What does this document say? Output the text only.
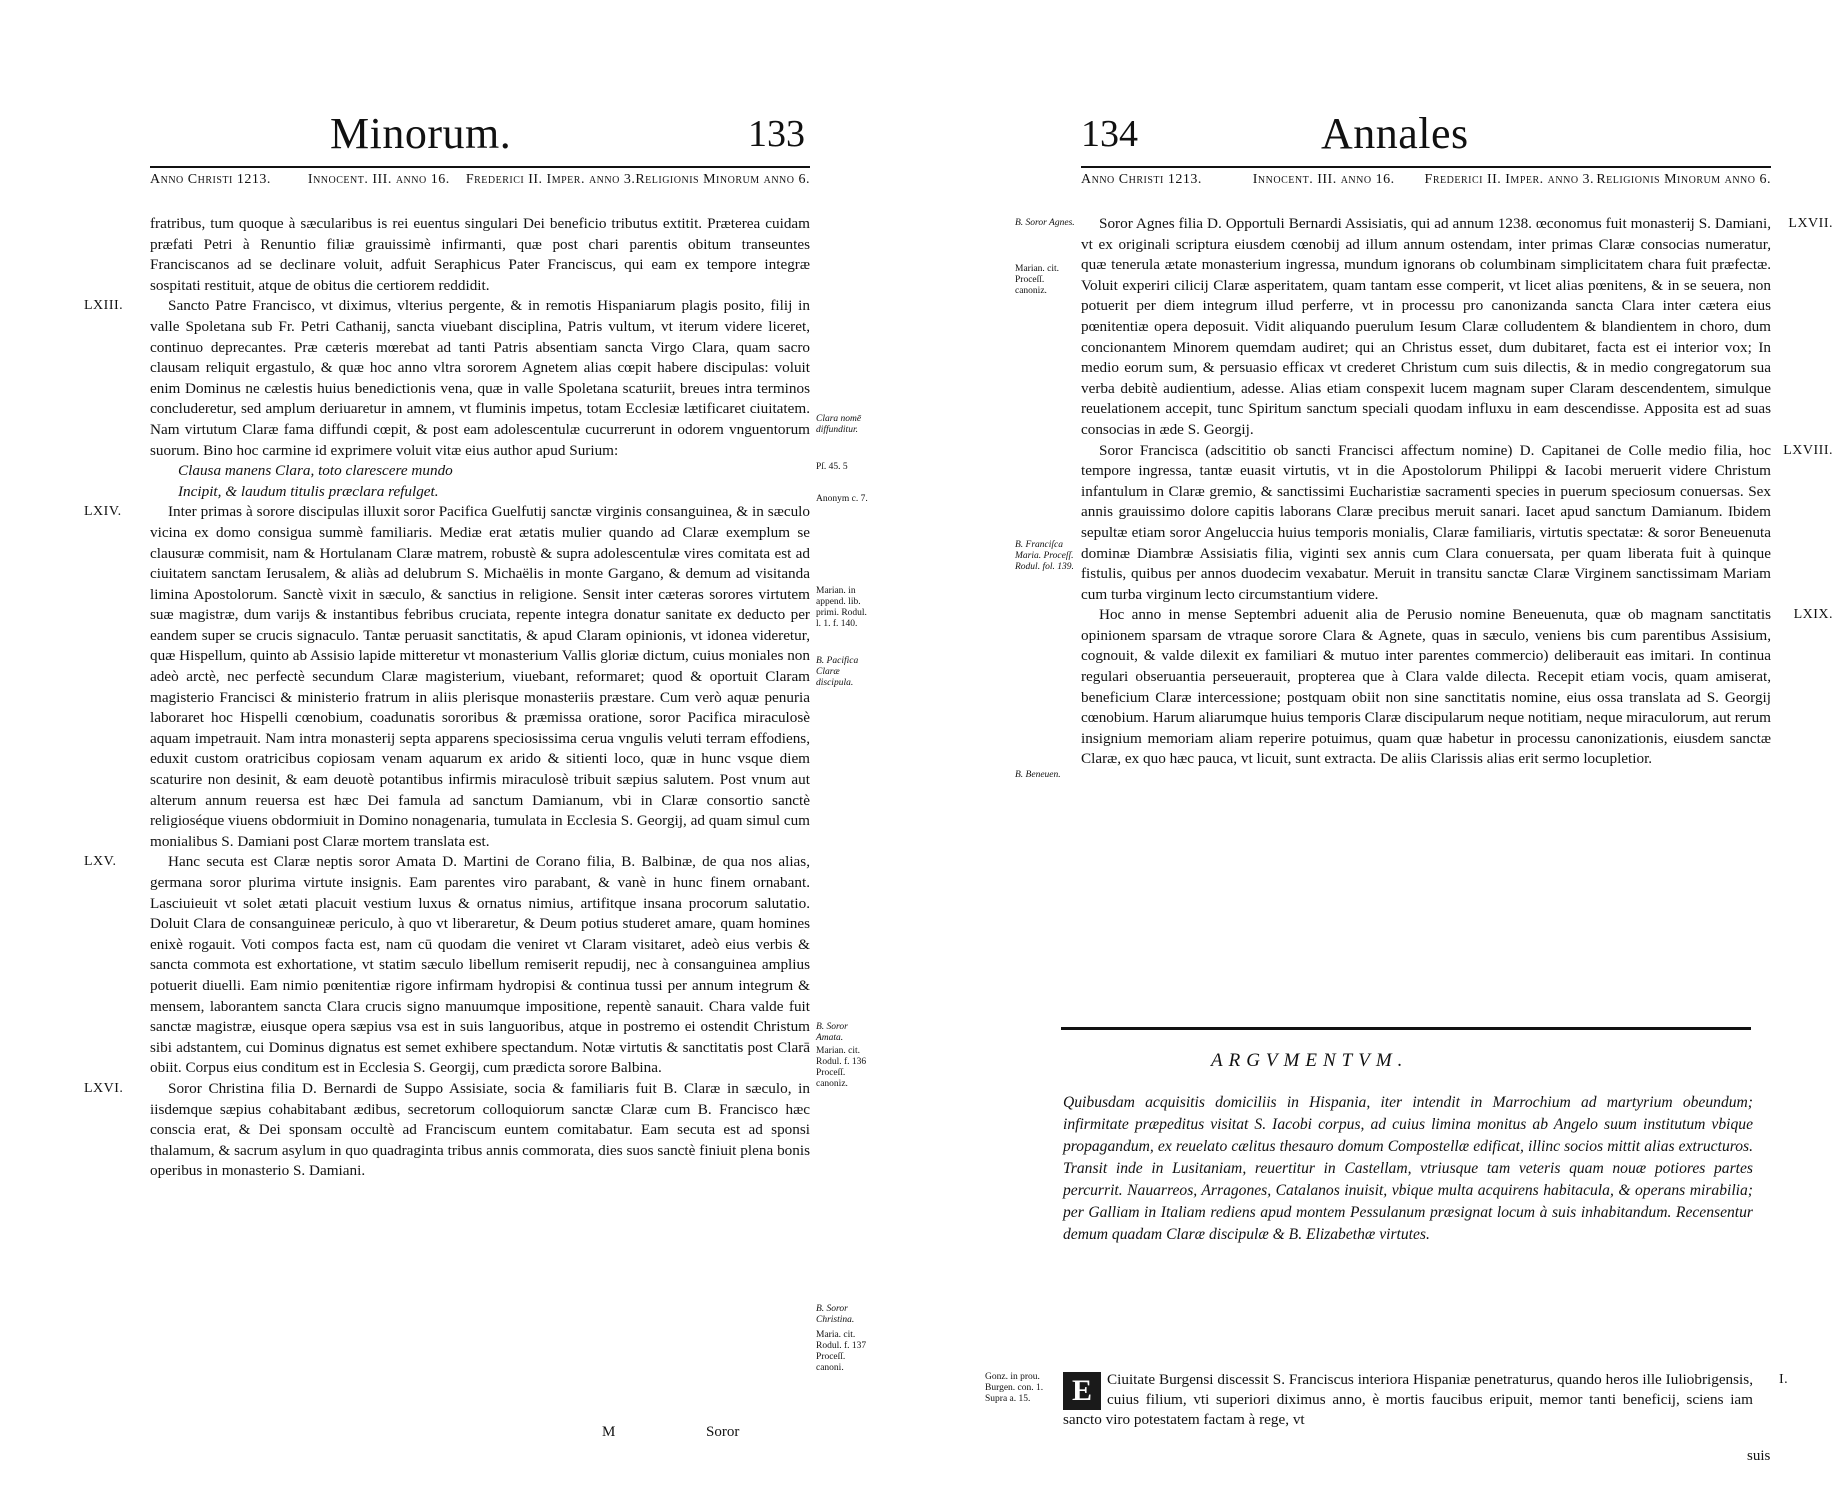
Minorum.	133
Anno Christi 1213.	Innocent. III. anno 16.	Frederici II. Imper. anno 3. Religionis Minorum anno 6.

fratribus, tum quoque à sæcularibus is rei euentus singulari Dei beneficio tributus extitit. Præterea cuidam præfati Petri à Renuntio filiæ grauissimè infirmanti, quæ post chari parentis obitum transeuntes Franciscanos ad se declinare voluit, adfuit Seraphicus Pater Franciscus, qui eam ex tempore integræ sospitati restituit, atque de obitus die certiorem reddidit.

LXIII.	Sancto Patre Francisco, vt diximus, vlterius pergente, & in remotis Hispaniarum plagis posito, filij in valle Spoletana sub Fr. Petri Cathanij, sancta viuebant disciplina, Patris vultum, vt iterum videre liceret, continuo deprecantes. Præ cæteris mœrebat ad tanti Patris absentiam sancta Virgo Clara, quam sacro clausam reliquit ergastulo, & quæ hoc anno vltra sororem Agnetem alias cœpit habere discipulas: voluit enim Dominus ne cælestis huius benedictionis vena, quæ in valle Spoletana scaturiit, breues intra terminos concluderetur, sed amplum deriuaretur in amnem, vt fluminis impetus, totam Ecclesiæ lætificaret ciuitatem. Nam virtutum Claræ fama diffundi cœpit, & post eam adolescentulæ cucurrerunt in odorem vnguentorum suorum. Bino hoc carmine id exprimere voluit vitæ eius author apud Surium:

Clausa manens Clara, toto clarescere mundo

Incipit, & laudum titulis præclara refulget.

LXIV.	Inter primas à sorore discipulas illuxit soror Pacifica Guelfutij sanctæ virginis consanguinea, & in sæculo vicina ex domo consigua summè familiaris. Mediæ erat ætatis mulier quando ad Claræ exemplum se clausuræ commisit, nam & Hortulanam Claræ matrem, robustè & supra adolescentulæ vires comitata est ad ciuitatem sanctam Ierusalem, & aliàs ad delubrum S. Michaëlis in monte Gargano, & demum ad visitanda limina Apostolorum. Sanctè vixit in sæculo, & sanctius in religione. Sensit inter cæteras sorores virtutem suæ magistræ, dum varijs & instantibus febribus cruciata, repente integra donatur sanitate ex deducto per eandem super se crucis signaculo. Tantæ peruasit sanctitatis, & apud Claram opinionis, vt idonea videretur, quæ Hispellum, quinto ab Assisio lapide mitteretur vt monasterium Vallis gloriæ dictum, cuius moniales non adeò arctè, nec perfectè secundum Claræ magisterium, viuebant, reformaret; quod & oportuit Claram magisterio Francisci & ministerio fratrum in aliis plerisque monasteriis præstare. Cum verò aquæ penuria laboraret hoc Hispelli cœnobium, coadunatis sororibus & præmissa oratione, soror Pacifica miraculosè aquam impetrauit. Nam intra monasterij septa apparens speciosissima cerua vngulis veluti terram effodiens, eduxit custom oratricibus copiosam venam aquarum ex arido & sitienti loco, quæ in hunc vsque diem scaturire non desinit, & eam deuotè potantibus infirmis miraculosè tribuit sæpius salutem. Post vnum aut alterum annum reuersa est hæc Dei famula ad sanctum Damianum, vbi in Claræ consortio sanctè religioséque viuens obdormiuit in Domino nonagenaria, tumulata in Ecclesia S. Georgij, ad quam simul cum monialibus S. Damiani post Claræ mortem translata est.

LXV.	Hanc secuta est Claræ neptis soror Amata D. Martini de Corano filia, B. Balbinæ, de qua nos alias, germana soror plurima virtute insignis. Eam parentes viro parabant, & vanè in hunc finem ornabant. Lasciuieuit vt solet ætati placuit vestium luxus & ornatus nimius, artifitque insana procorum salutatio. Doluit Clara de consanguineæ periculo, à quo vt liberaretur, & Deum potius studeret amare, quam homines enixè rogauit. Voti compos facta est, nam cū quodam die veniret vt Claram visitaret, adeò eius verbis & sancta commota est exhortatione, vt statim sæculo libellum remiserit repudij, nec à consanguinea amplius potuerit diuelli. Eam nimio pœnitentiæ rigore infirmam hydropisi & continua tussi per annum integrum & mensem, laborantem sancta Clara crucis signo manuumque impositione, repentè sanauit. Chara valde fuit sanctæ magistræ, eiusque opera sæpius vsa est in suis languoribus, atque in postremo ei ostendit Christum sibi adstantem, cui Dominus dignatus est semet exhibere spectandum. Notæ virtutis & sanctitatis post Clarā obiit. Corpus eius conditum est in Ecclesia S. Georgij, cum prædicta sorore Balbina.

LXVI.	Soror Christina filia D. Bernardi de Suppo Assisiate, socia & familiaris fuit B. Claræ in sæculo, in iisdemque sæpius cohabitabant ædibus, secretorum colloquiorum sanctæ Claræ cum B. Francisco hæc conscia erat, & Dei sponsam occultè ad Franciscum euntem comitabatur. Eam secuta est ad sponsi thalamum, & sacrum asylum in quo quadraginta tribus annis commorata, dies suos sanctè finiuit plena bonis operibus in monasterio S. Damiani.

Clara nomē diffunditur.
Pſ. 45. 5
Anonym c. 7.
Marian. in append. lib. primi. Rodul. l. 1. f. 140.
B. Pacifica Claræ discipula.
B. Soror Amata.
Marian. cit. Rodul. f. 136 Proceſſ. canoniz.
B. Soror Christina.
Maria. cit. Rodul. f. 137 Proceſſ. canoni.
M	Soror
134	Annales
Anno Christi 1213.	Innocent. III. anno 16.	Frederici II. Imper. anno 3. Religionis Minorum anno 6.
LXVII.

Soror Agnes filia D. Opportuli Bernardi Assisiatis, qui ad annum 1238. œconomus fuit monasterij S. Damiani, vt ex originali scriptura eiusdem cœnobij ad illum annum ostendam, inter primas Claræ consocias numeratur, quæ tenerula ætate monasterium ingressa, mundum ignorans ob columbinam simplicitatem chara fuit præfectæ. Voluit experiri cilicij Claræ asperitatem, quam tantam esse comperit, vt licet alias pœnitens, & in se seuera, non potuerit per diem integrum illud perferre, vt in processu pro canonizanda sancta Clara inter cætera eius pœnitentiæ opera deposuit. Vidit aliquando puerulum Iesum Claræ colludentem & blandientem in choro, dum concionantem Minorem quemdam audiret; qui an Christus esset, dum dubitaret, facta est ei interior vox; In medio eorum sum, & persuasio efficax vt crederet Christum cum suis dilectis, & in medio congregatorum sua verba debitè audientium, adesse. Alias etiam conspexit lucem magnam super Claram descendentem, simulque reuelationem accepit, tunc Spiritum sanctum speciali quodam influxu in eam descendisse. Apposita est ad suas consocias in æde S. Georgij.

LXVIII.

Soror Francisca (adscititio ob sancti Francisci affectum nomine) D. Capitanei de Colle medio filia, hoc tempore ingressa, tantæ euasit virtutis, vt in die Apostolorum Philippi & Iacobi meruerit videre Christum infantulum in Claræ gremio, & sanctissimi Eucharistiæ sacramenti species in puerum speciosum conuersas. Sex annis grauissimo dolore capitis laborans Claræ precibus meruit sanari. Iacet apud sanctum Damianum. Ibidem sepultæ etiam soror Angeluccia huius temporis monialis, Claræ familiaris, virtutis spectatæ: & soror Beneuenuta dominæ Diambræ Assisiatis filia, viginti sex annis cum Clara conuersata, per quam liberata fuit à quinque fistulis, quibus per annos duodecim vexabatur. Meruit in transitu sanctæ Claræ Virginem sanctissimam Mariam cum turba virginum lecto circumstantium videre.

LXIX.

Hoc anno in mense Septembri aduenit alia de Perusio nomine Beneuenuta, quæ ob magnam sanctitatis opinionem sparsam de vtraque sorore Clara & Agnete, quas in sæculo, veniens bis cum parentibus Assisium, cognouit, & valde dilexit ex familiari & mutuo inter parentes commercio) deliberauit eas imitari. In continua regulari obseruantia perseuerauit, propterea que à Clara valde dilecta. Recepit etiam vocis, quam amiserat, beneficium Claræ intercessione; postquam obiit non sine sanctitatis nomine, eius ossa translata ad S. Georgij cœnobium. Harum aliarumque huius temporis Claræ discipularum neque notitiam, neque miraculorum, aut rerum insignium memoriam aliam reperire potuimus, quam quæ habetur in processu canonizationis, eiusdem sanctæ Claræ, ex quo hæc pauca, vt licuit, sunt extracta. De aliis Clarissis alias erit sermo locupletior.

B. Soror Agnes.
Marian. cit. Proceſſ. canoniz.
B. Franciſca Maria. Proceſſ. Rodul. fol. 139.
B. Beneuen.
Gonz. in prou. Burgen. con. 1. Supra a. 15.
ARGVMENTVM.
Quibusdam acquisitis domiciliis in Hispania, iter intendit in Marrochium ad martyrium obeundum; infirmitate præpeditus visitat S. Iacobi corpus, ad cuius limina monitus ab Angelo suum institutum vbique propagandum, ex reuelato cælitus thesauro domum Compostellæ edificat, illinc socios mittit alias extructuros. Transit inde in Lusitaniam, reuertitur in Castellam, vtriusque tam veteris quam nouæ potiores partes percurrit. Nauarreos, Arragones, Catalanos inuisit, vbique multa acquirens habitacula, & operans mirabilia; per Galliam in Italiam rediens apud montem Pessulanum præsignat locum à suis inhabitandum. Recensentur demum quadam Claræ discipulæ & B. Elizabethæ virtutes.
E Ciuitate Burgensi discessit S. Franciscus interiora Hispaniæ penetraturus, quando heros ille Iuliobrigensis, cuius filium, vti superiori diximus anno, è mortis faucibus eripuit, memor tanti beneficij, sciens iam sancto viro potestatem factam à rege, vt
I.
suis
